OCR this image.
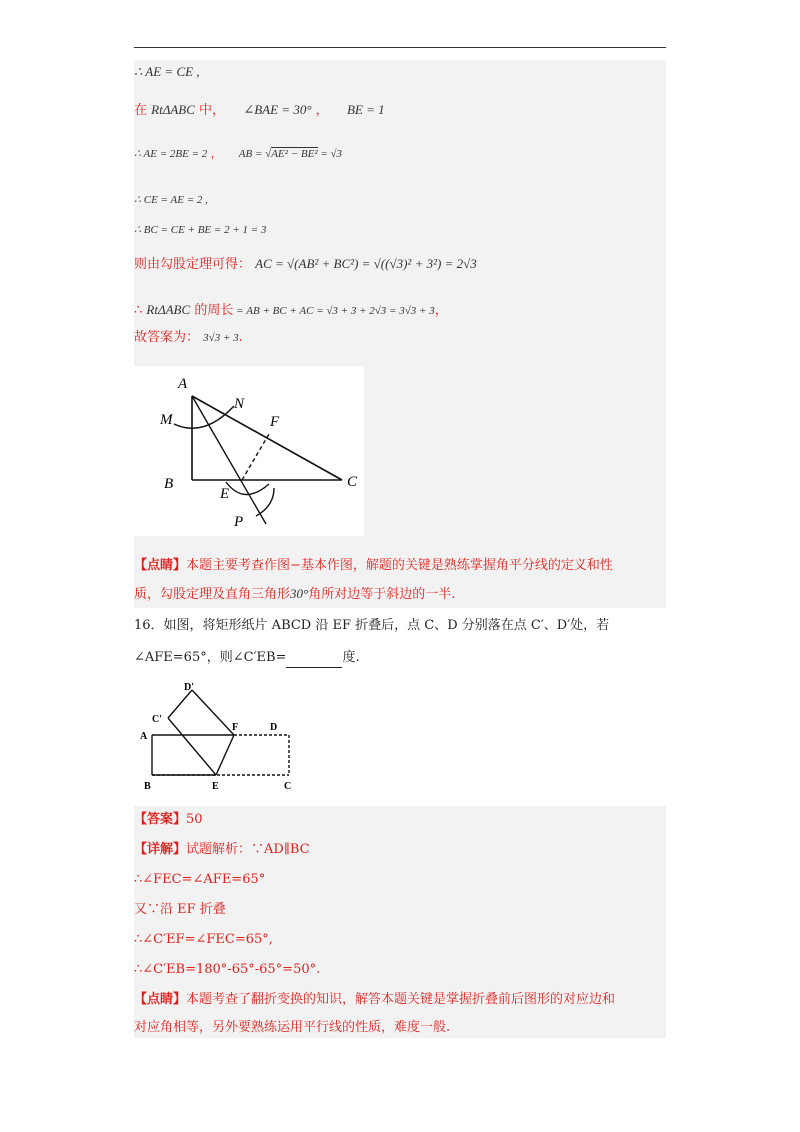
∴ AE = CE ,
在 RtΔABC 中， ∠BAE = 30° ， BE = 1
∴ AE = 2BE = 2 ， AB = √AE² − BE² = √3
∴ CE = AE = 2 ,
∴ BC = CE + BE = 2 + 1 = 3
则由勾股定理可得： AC = √(AB² + BC²) = √((√3)² + 3²) = 2√3
∴ RtΔABC 的周长 = AB + BC + AC = √3 + 3 + 2√3 = 3√3 + 3，
故答案为： 3√3 + 3.
A
N
M	F
B	C
E
P
【点睛】本题主要考查作图−基本作图，解题的关键是熟练掌握角平分线的定义和性
质，勾股定理及直角三角形30°角所对边等于斜边的一半.
16．如图，将矩形纸片 ABCD 沿 EF 折叠后，点 C、D 分别落在点 C′、D′处，若
∠AFE=65°，则∠C′EB=	度.
D′
C′
F	D
A
B	E	C
【答案】50
【详解】试题解析：∵AD∥BC
∴∠FEC=∠AFE=65°
又∵沿 EF 折叠
∴∠C′EF=∠FEC=65°,
∴∠C′EB=180°-65°-65°=50°.
【点睛】本题考查了翻折变换的知识，解答本题关键是掌握折叠前后图形的对应边和
对应角相等，另外要熟练运用平行线的性质，难度一般.
